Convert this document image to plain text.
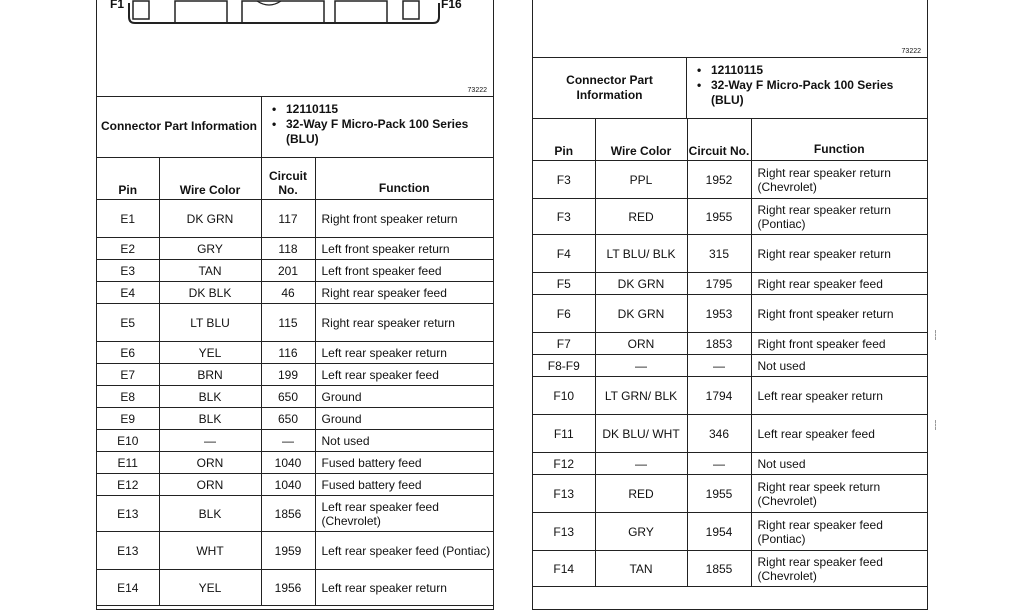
F1	F16
73222
Connector Part Information
• 12110115
• 32-Way F Micro-Pack 100 Series (BLU)
Pin	Wire Color	Circuit No.	Function
E1	DK GRN	117	Right front speaker return
E2	GRY	118	Left front speaker return
E3	TAN	201	Left front speaker feed
E4	DK BLK	46	Right rear speaker feed
E5	LT BLU	115	Right rear speaker return
E6	YEL	116	Left rear speaker return
E7	BRN	199	Left rear speaker feed
E8	BLK	650	Ground
E9	BLK	650	Ground
E10	—	—	Not used
E11	ORN	1040	Fused battery feed
E12	ORN	1040	Fused battery feed
E13	BLK	1856	Left rear speaker feed (Chevrolet)
E13	WHT	1959	Left rear speaker feed (Pontiac)
E14	YEL	1956	Left rear speaker return
73222
Connector Part Information
• 12110115
• 32-Way F Micro-Pack 100 Series (BLU)
Pin	Wire Color	Circuit No.	Function
F3	PPL	1952	Right rear speaker return (Chevrolet)
F3	RED	1955	Right rear speaker return (Pontiac)
F4	LT BLU/ BLK	315	Right rear speaker return
F5	DK GRN	1795	Right rear speaker feed
F6	DK GRN	1953	Right front speaker return
F7	ORN	1853	Right front speaker feed
F8-F9	—	—	Not used
F10	LT GRN/ BLK	1794	Left rear speaker return
F11	DK BLU/ WHT	346	Left rear speaker feed
F12	—	—	Not used
F13	RED	1955	Right rear speek return (Chevrolet)
F13	GRY	1954	Right rear speaker feed (Pontiac)
F14	TAN	1855	Right rear speaker feed (Chevrolet)
